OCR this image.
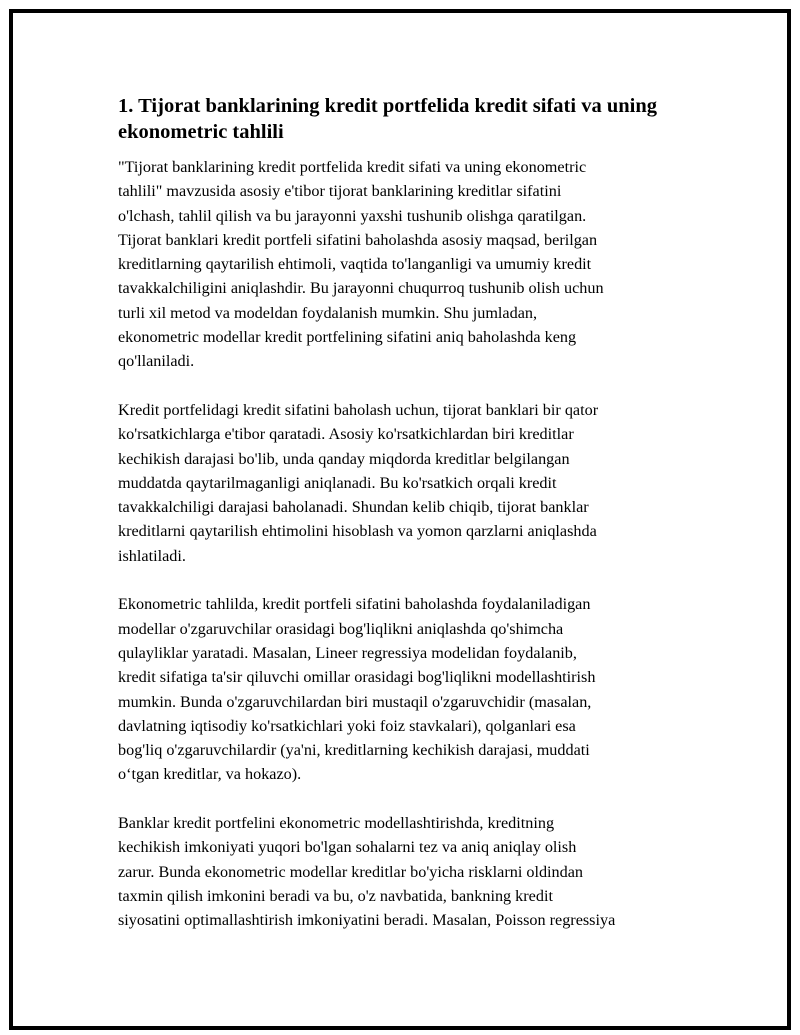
1. Tijorat banklarining kredit portfelida kredit sifati va uning
ekonometric tahlili

"Tijorat banklarining kredit portfelida kredit sifati va uning ekonometric
tahlili" mavzusida asosiy e'tibor tijorat banklarining kreditlar sifatini
o'lchash, tahlil qilish va bu jarayonni yaxshi tushunib olishga qaratilgan.
Tijorat banklari kredit portfeli sifatini baholashda asosiy maqsad, berilgan
kreditlarning qaytarilish ehtimoli, vaqtida to'langanligi va umumiy kredit
tavakkalchiligini aniqlashdir. Bu jarayonni chuqurroq tushunib olish uchun
turli xil metod va modeldan foydalanish mumkin. Shu jumladan,
ekonometric modellar kredit portfelining sifatini aniq baholashda keng
qo'llaniladi.

Kredit portfelidagi kredit sifatini baholash uchun, tijorat banklari bir qator
ko'rsatkichlarga e'tibor qaratadi. Asosiy ko'rsatkichlardan biri kreditlar
kechikish darajasi bo'lib, unda qanday miqdorda kreditlar belgilangan
muddatda qaytarilmaganligi aniqlanadi. Bu ko'rsatkich orqali kredit
tavakkalchiligi darajasi baholanadi. Shundan kelib chiqib, tijorat banklar
kreditlarni qaytarilish ehtimolini hisoblash va yomon qarzlarni aniqlashda
ishlatiladi.

Ekonometric tahlilda, kredit portfeli sifatini baholashda foydalaniladigan
modellar o'zgaruvchilar orasidagi bog'liqlikni aniqlashda qo'shimcha
qulayliklar yaratadi. Masalan, Lineer regressiya modelidan foydalanib,
kredit sifatiga ta'sir qiluvchi omillar orasidagi bog'liqlikni modellashtirish
mumkin. Bunda o'zgaruvchilardan biri mustaqil o'zgaruvchidir (masalan,
davlatning iqtisodiy ko'rsatkichlari yoki foiz stavkalari), qolganlari esa
bog'liq o'zgaruvchilardir (ya'ni, kreditlarning kechikish darajasi, muddati
o‘tgan kreditlar, va hokazo).

Banklar kredit portfelini ekonometric modellashtirishda, kreditning
kechikish imkoniyati yuqori bo'lgan sohalarni tez va aniq aniqlay olish
zarur. Bunda ekonometric modellar kreditlar bo'yicha risklarni oldindan
taxmin qilish imkonini beradi va bu, o'z navbatida, bankning kredit
siyosatini optimallashtirish imkoniyatini beradi. Masalan, Poisson regressiya
